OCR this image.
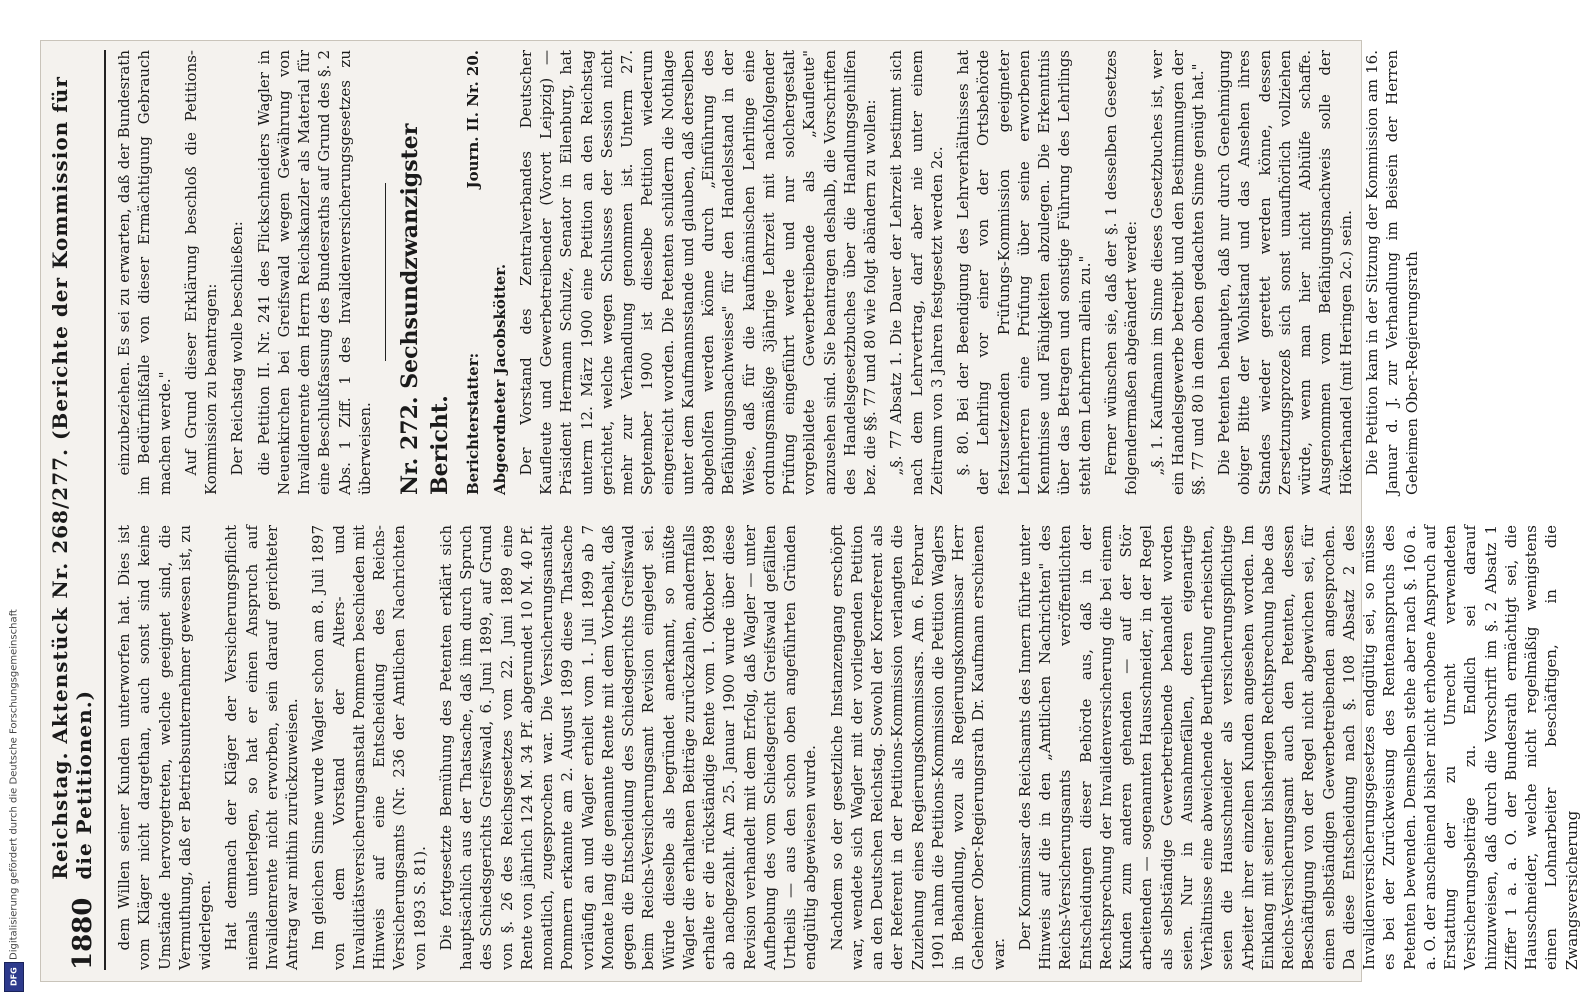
Digitalisierung gefördert durch die Deutsche Forschungsgemeinschaft
DFG
1880
Reichstag. Aktenstück Nr. 268/277. (Berichte der Kommission für die Petitionen.) dem Willen seiner Kunden unterworfen hat. Dies ist vom Kläger nicht dargethan, auch sonst sind keine Umstände hervorgetreten, welche geeignet sind, die Vermuthung, daß er Betriebsunternehmer gewesen ist, zu widerlegen. Hat demnach der Kläger der Versicherungspflicht niemals unterlegen, so hat er einen Anspruch auf Invalidenrente nicht erworben, sein darauf gerichteter Antrag war mithin zurückzuweisen. Im gleichen Sinne wurde Wagler schon am 8. Juli 1897 von dem Vorstand der Alters- und Invaliditätsversicherungsanstalt Pommern beschieden mit Hinweis auf eine Entscheidung des Reichs-Versicherungsamts (Nr. 236 der Amtlichen Nachrichten von 1893 S. 81). Die fortgesetzte Bemühung des Petenten erklärt sich hauptsächlich aus der Thatsache, daß ihm durch Spruch des Schiedsgerichts Greifswald, 6. Juni 1899, auf Grund von §. 26 des Reichsgesetzes vom 22. Juni 1889 eine Rente von jährlich 124 M. 34 Pf. abgerundet 10 M. 40 Pf. monatlich, zugesprochen war. Die Versicherungsanstalt Pommern erkannte am 2. August 1899 diese Thatsache vorläufig an und Wagler erhielt vom 1. Juli 1899 ab 7 Monate lang die genannte Rente mit dem Vorbehalt, daß gegen die Entscheidung des Schiedsgerichts Greifswald beim Reichs-Versicherungsamt Revision eingelegt sei. Würde dieselbe als begründet anerkannt, so müßte Wagler die erhaltenen Beiträge zurückzahlen, andernfalls erhalte er die rückständige Rente vom 1. Oktober 1898 ab nachgezahlt. Am 25. Januar 1900 wurde über diese Revision verhandelt mit dem Erfolg, daß Wagler — unter Aufhebung des vom Schiedsgericht Greifswald gefällten Urtheils — aus den schon oben angeführten Gründen endgültig abgewiesen wurde. Nachdem so der gesetzliche Instanzengang erschöpft war, wendete sich Wagler mit der vorliegenden Petition an den Deutschen Reichstag. Sowohl der Korreferent als der Referent in der Petitions-Kommission verlangten die Zuziehung eines Regierungskommissars. Am 6. Februar 1901 nahm die Petitions-Kommission die Petition Waglers in Behandlung, wozu als Regierungskommissar Herr Geheimer Ober-Regierungsrath Dr. Kaufmann erschienen war.

Der Kommissar des Reichsamts des Innern führte unter Hinweis auf die in den „Amtlichen Nachrichten" des Reichs-Versicherungsamts veröffentlichten Entscheidungen dieser Behörde aus, daß in der Rechtsprechung der Invalidenversicherung die bei einem Kunden zum anderen gehenden — auf der Stör arbeitenden — sogenannten Hausschneider, in der Regel als selbständige Gewerbetreibende behandelt worden seien. Nur in Ausnahmefällen, deren eigenartige Verhältnisse eine abweichende Beurtheilung erheischten, seien die Hausschneider als versicherungspflichtige Arbeiter ihrer einzelnen Kunden angesehen worden. Im Einklang mit seiner bisherigen Rechtsprechung habe das Reichs-Versicherungsamt auch den Petenten, dessen Beschäftigung von der Regel nicht abgewichen sei, für einen selbständigen Gewerbetreibenden angesprochen. Da diese Entscheidung nach §. 108 Absatz 2 des Invalidenversicherungsgesetzes endgültig sei, so müsse es bei der Zurückweisung des Rentenanspruchs des Petenten bewenden. Demselben stehe aber nach §. 160 a. a. O. der anscheinend bisher nicht erhobene Anspruch auf Erstattung der zu Unrecht verwendeten Versicherungsbeiträge zu. Endlich sei darauf hinzuweisen, daß durch die Vorschrift im §. 2 Absatz 1 Ziffer 1 a. a. O. der Bundesrath ermächtigt sei, die Hausschneider, welche nicht regelmäßig wenigstens einen Lohnarbeiter beschäftigen, in die Zwangsversicherung

einzubeziehen. Es sei zu erwarten, daß der Bundesrath im Bedürfnißfalle von dieser Ermächtigung Gebrauch machen werde." Auf Grund dieser Erklärung beschloß die Petitions-Kommission zu beantragen: Der Reichstag wolle beschließen: die Petition II. Nr. 241 des Flickschneiders Wagler in Neuenkirchen bei Greifswald wegen Gewährung von Invalidenrente dem Herrn Reichskanzler als Material für eine Beschlußfassung des Bundesraths auf Grund des §. 2 Abs. 1 Ziff. 1 des Invalidenversicherungsgesetzes zu überweisen. Nr. 272. Sechsundzwanzigster Bericht. Berichterstatter:
Journ. II. Nr. 20.
Abgeordneter Jacobskötter. Der Vorstand des Zentralverbandes Deutscher Kaufleute und Gewerbetreibender (Vorort Leipzig) — Präsident Hermann Schulze, Senator in Eilenburg, hat unterm 12. März 1900 eine Petition an den Reichstag gerichtet, welche wegen Schlusses der Session nicht mehr zur Verhandlung genommen ist. Unterm 27. September 1900 ist dieselbe Petition wiederum eingereicht worden. Die Petenten schildern die Nothlage unter dem Kaufmannsstande und glauben, daß derselben abgeholfen werden könne durch „Einführung des Befähigungsnachweises" für den Handelsstand in der Weise, daß für die kaufmännischen Lehrlinge eine ordnungsmäßige 3jährige Lehrzeit mit nachfolgender Prüfung eingeführt werde und nur solchergestalt vorgebildete Gewerbetreibende als „Kaufleute" anzusehen sind. Sie beantragen deshalb, die Vorschriften des Handelsgesetzbuches über die Handlungsgehilfen bez. die §§. 77 und 80 wie folgt abändern zu wollen: „§. 77 Absatz 1. Die Dauer der Lehrzeit bestimmt sich nach dem Lehrvertrag, darf aber nie unter einem Zeitraum von 3 Jahren festgesetzt werden 2c. §. 80. Bei der Beendigung des Lehrverhältnisses hat der Lehrling vor einer von der Ortsbehörde festzusetzenden Prüfungs-Kommission geeigneter Lehrherren eine Prüfung über seine erworbenen Kenntnisse und Fähigkeiten abzulegen. Die Erkenntnis über das Betragen und sonstige Führung des Lehrlings steht dem Lehrherrn allein zu." Ferner wünschen sie, daß der §. 1 desselben Gesetzes folgendermaßen abgeändert werde: „§. 1. Kaufmann im Sinne dieses Gesetzbuches ist, wer ein Handelsgewerbe betreibt und den Bestimmungen der §§. 77 und 80 in dem oben gedachten Sinne genügt hat." Die Petenten behaupten, daß nur durch Genehmigung obiger Bitte der Wohlstand und das Ansehen ihres Standes wieder gerettet werden könne, dessen Zersetzungsprozeß sich sonst unaufhörlich vollziehen würde, wenn man hier nicht Abhülfe schaffe. Ausgenommen vom Befähigungsnachweis solle der Hökerhandel (mit Heringen 2c.) sein. Die Petition kam in der Sitzung der Kommission am 16. Januar d. J. zur Verhandlung im Beisein der Herren Geheimen Ober-Regierungsrath
